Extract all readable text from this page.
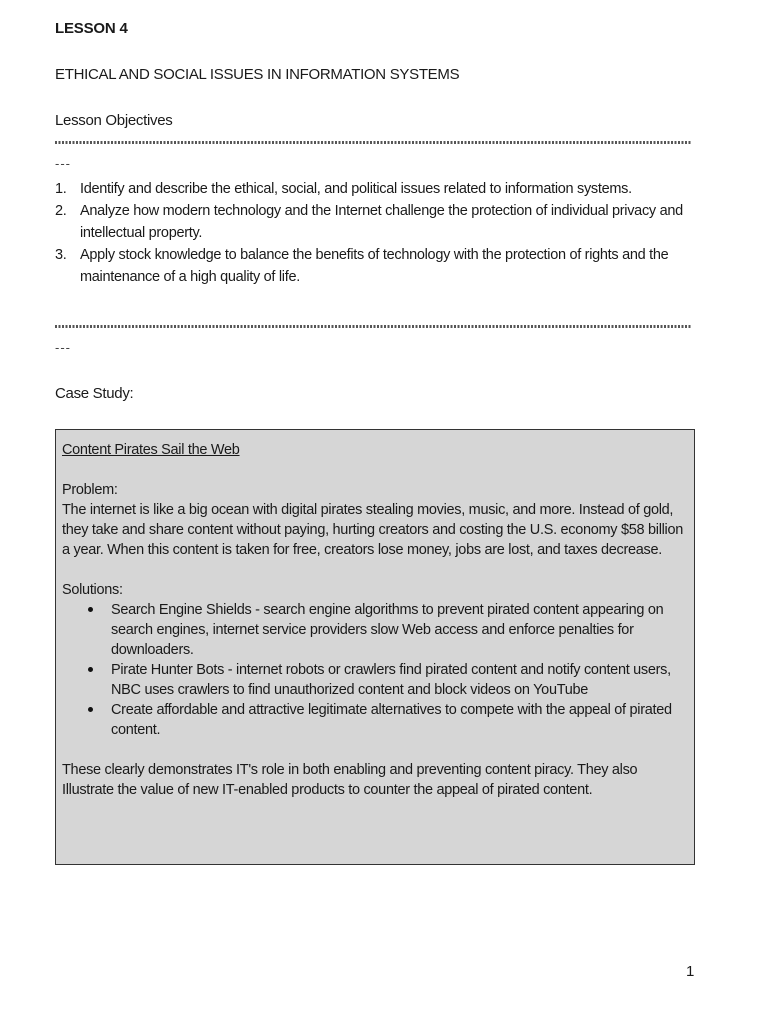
LESSON 4
ETHICAL AND SOCIAL ISSUES IN INFORMATION SYSTEMS
Lesson Objectives
---
1. Identify and describe the ethical, social, and political issues related to information systems.
2. Analyze how modern technology and the Internet challenge the protection of individual privacy and intellectual property.
3. Apply stock knowledge to balance the benefits of technology with the protection of rights and the maintenance of a high quality of life.
---
Case Study:

Content Pirates Sail the Web

Problem:

The internet is like a big ocean with digital pirates stealing movies, music, and more. Instead of gold, they take and share content without paying, hurting creators and costing the U.S. economy $58 billion a year. When this content is taken for free, creators lose money, jobs are lost, and taxes decrease.

Solutions:

Search Engine Shields - search engine algorithms to prevent pirated content appearing on search engines, internet service providers slow Web access and enforce penalties for downloaders.
Pirate Hunter Bots - internet robots or crawlers find pirated content and notify content users, NBC uses crawlers to find unauthorized content and block videos on YouTube
Create affordable and attractive legitimate alternatives to compete with the appeal of pirated content.

These clearly demonstrates IT's role in both enabling and preventing content piracy. They also Illustrate the value of new IT-enabled products to counter the appeal of pirated content.

1
